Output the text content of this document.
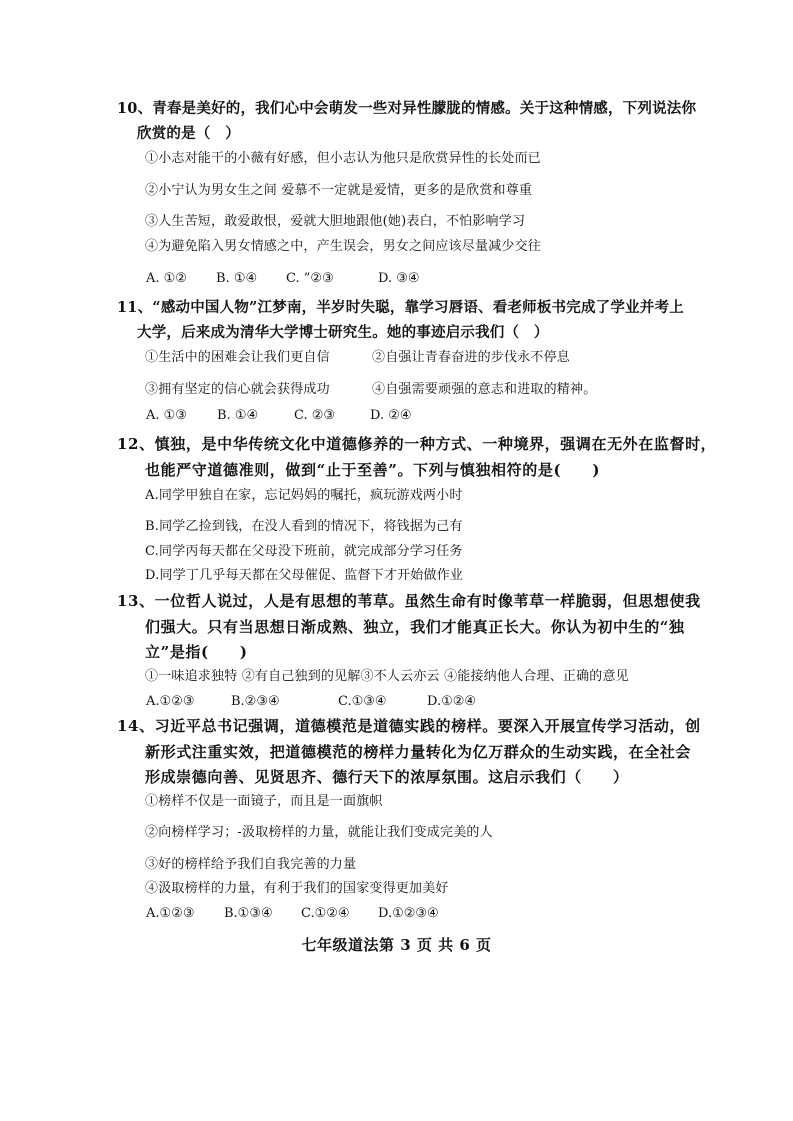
10、青春是美好的，我们心中会萌发一些对异性朦胧的情感。关于这种情感，下列说法你
欣赏的是（　）
①小志对能干的小薇有好感，但小志认为他只是欣赏异性的长处而已
②小宁认为男女生之间 爱慕不一定就是爱情，更多的是欣赏和尊重
③人生苦短，敢爱敢恨，爱就大胆地跟他(她)表白，不怕影响学习
④为避免陷入男女情感之中，产生误会，男女之间应该尽量减少交往
A. ①② B. ①④ C. ”②③	D. ③④
11、“感动中国人物”江梦南，半岁时失聪，靠学习唇语、看老师板书完成了学业并考上
大学，后来成为清华大学博士研究生。她的事迹启示我们（　）
①生活中的困难会让我们更自信	②自强让青春奋进的步伐永不停息
③拥有坚定的信心就会获得成功	④自强需要顽强的意志和进取的精神。
A. ①③ B. ①④	C. ②③	D. ②④
12、慎独，是中华传统文化中道德修养的一种方式、一种境界，强调在无外在监督时，
也能严守道德准则，做到“止于至善”。下列与慎独相符的是(　　)
A.同学甲独自在家，忘记妈妈的嘱托，疯玩游戏两小时
B.同学乙捡到钱，在没人看到的情况下，将钱据为己有
C.同学丙每天都在父母没下班前，就完成部分学习任务
D.同学丁几乎每天都在父母催促、监督下才开始做作业
13、一位哲人说过，人是有思想的苇草。虽然生命有时像苇草一样脆弱，但思想使我
们强大。只有当思想日渐成熟、独立，我们才能真正长大。你认为初中生的“独
立”是指(　　)
①一味追求独特 ②有自己独到的见解③不人云亦云 ④能接纳他人合理、正确的意见
A.①②③	B.②③④	C.①③④	D.①②④
14、习近平总书记强调，道德模范是道德实践的榜样。要深入开展宣传学习活动，创
新形式注重实效，把道德模范的榜样力量转化为亿万群众的生动实践，在全社会
形成崇德向善、见贤思齐、德行天下的浓厚氛围。这启示我们（　　）
①榜样不仅是一面镜子，而且是一面旗帜
②向榜样学习；-汲取榜样的力量，就能让我们变成完美的人
③好的榜样给予我们自我完善的力量
④汲取榜样的力量，有利于我们的国家变得更加美好
A.①②③ B.①③④ C.①②④ D.①②③④
七年级道法第 3 页 共 6 页
